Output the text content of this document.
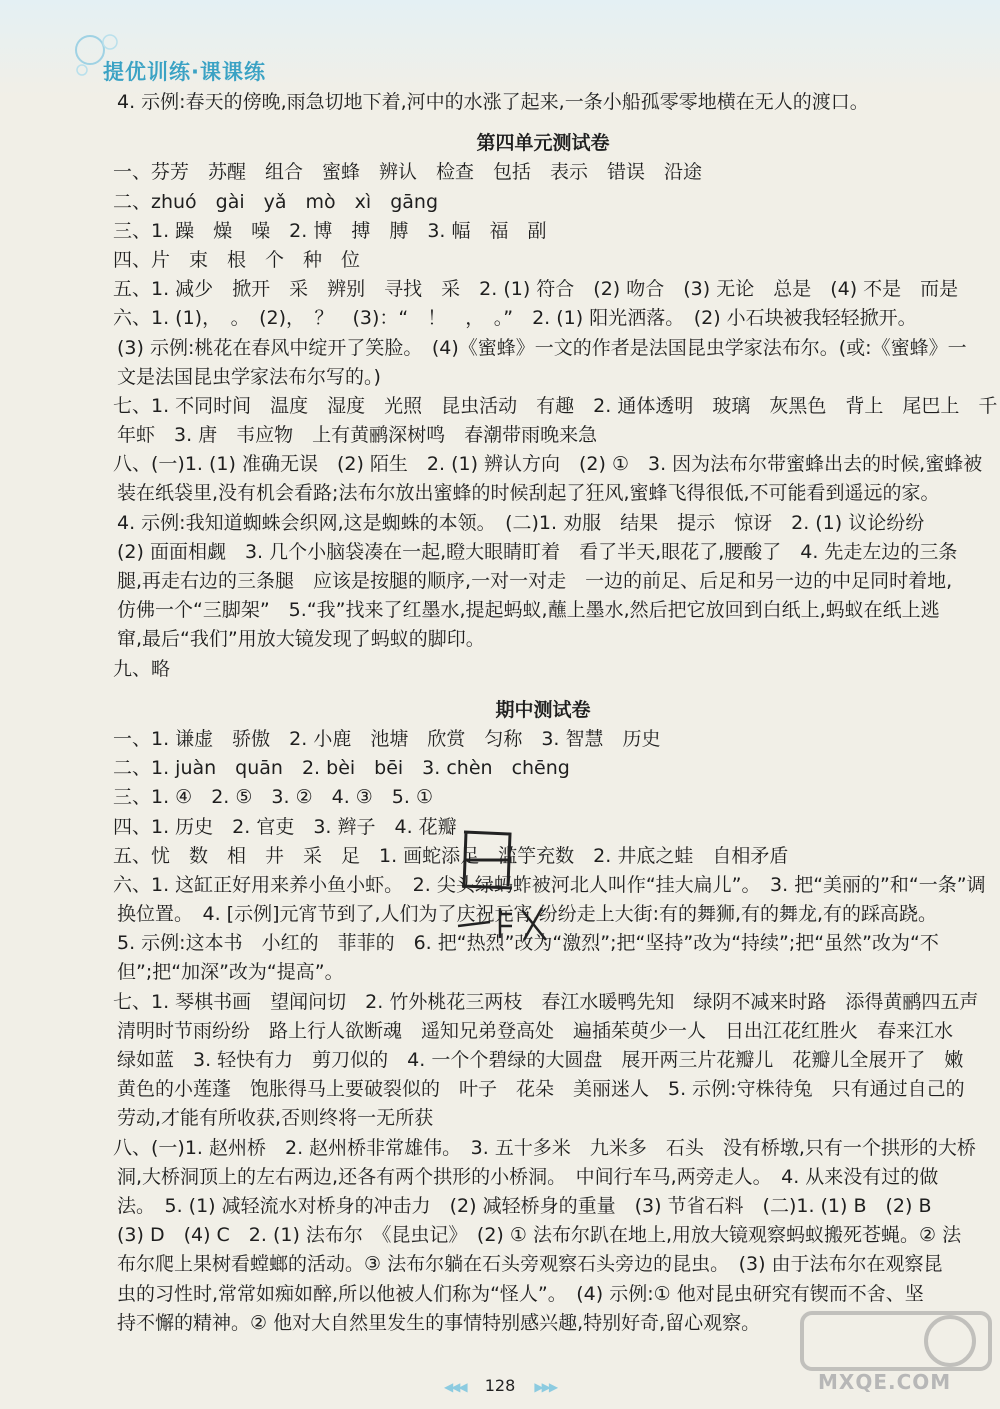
提优训练·课课练
4. 示例:春天的傍晚,雨急切地下着,河中的水涨了起来,一条小船孤零零地横在无人的渡口。
第四单元测试卷
一、芬芳　苏醒　组合　蜜蜂　辨认　检查　包括　表示　错误　沿途
二、zhuó　gài　yǎ　mò　xì　gāng
三、1. 躁　燥　噪　2. 博　搏　膊　3. 幅　福　副
四、片　束　根　个　种　位
五、1. 减少　掀开　采　辨别　寻找　采　2. (1) 符合　(2) 吻合　(3) 无论　总是　(4) 不是　而是
六、1. (1)，　。　(2)，　？　(3)：“　！　，　。”　2. (1) 阳光洒落。　(2) 小石块被我轻轻掀开。
(3) 示例:桃花在春风中绽开了笑脸。　(4)《蜜蜂》一文的作者是法国昆虫学家法布尔。(或:《蜜蜂》一
文是法国昆虫学家法布尔写的。)
七、1. 不同时间　温度　湿度　光照　昆虫活动　有趣　2. 通体透明　玻璃　灰黑色　背上　尾巴上　千
年虾　3. 唐　韦应物　上有黄鹂深树鸣　春潮带雨晚来急
八、(一)1. (1) 准确无误　(2) 陌生　2. (1) 辨认方向　(2) ①　3. 因为法布尔带蜜蜂出去的时候,蜜蜂被
装在纸袋里,没有机会看路;法布尔放出蜜蜂的时候刮起了狂风,蜜蜂飞得很低,不可能看到遥远的家。
4. 示例:我知道蜘蛛会织网,这是蜘蛛的本领。　(二)1. 劝服　结果　提示　惊讶　2. (1) 议论纷纷
(2) 面面相觑　3. 几个小脑袋凑在一起,瞪大眼睛盯着　看了半天,眼花了,腰酸了　4. 先走左边的三条
腿,再走右边的三条腿　应该是按腿的顺序,一对一对走　一边的前足、后足和另一边的中足同时着地,
仿佛一个“三脚架”　5.“我”找来了红墨水,提起蚂蚁,蘸上墨水,然后把它放回到白纸上,蚂蚁在纸上逃
窜,最后“我们”用放大镜发现了蚂蚁的脚印。
九、略
期中测试卷
一、1. 谦虚　骄傲　2. 小鹿　池塘　欣赏　匀称　3. 智慧　历史
二、1. juàn　quān　2. bèi　bēi　3. chèn　chēng
三、1. ④　2. ⑤　3. ②　4. ③　5. ①
四、1. 历史　2. 官吏　3. 辫子　4. 花瓣
五、忧　数　相　井　采　足　1. 画蛇添足　滥竽充数　2. 井底之蛙　自相矛盾
六、1. 这缸正好用来养小鱼小虾。　2. 尖头绿蚂蚱被河北人叫作“挂大扁儿”。　3. 把“美丽的”和“一条”调
换位置。　4. [示例]元宵节到了,人们为了庆祝元宵,纷纷走上大街:有的舞狮,有的舞龙,有的踩高跷。
5. 示例:这本书　小红的　菲菲的　6. 把“热烈”改为“激烈”;把“坚持”改为“持续”;把“虽然”改为“不
但”;把“加深”改为“提高”。
七、1. 琴棋书画　望闻问切　2. 竹外桃花三两枝　春江水暖鸭先知　绿阴不减来时路　添得黄鹂四五声
清明时节雨纷纷　路上行人欲断魂　遥知兄弟登高处　遍插茱萸少一人　日出江花红胜火　春来江水
绿如蓝　3. 轻快有力　剪刀似的　4. 一个个碧绿的大圆盘　展开两三片花瓣儿　花瓣儿全展开了　嫩
黄色的小莲蓬　饱胀得马上要破裂似的　叶子　花朵　美丽迷人　5. 示例:守株待兔　只有通过自己的
劳动,才能有所收获,否则终将一无所获
八、(一)1. 赵州桥　2. 赵州桥非常雄伟。　3. 五十多米　九米多　石头　没有桥墩,只有一个拱形的大桥
洞,大桥洞顶上的左右两边,还各有两个拱形的小桥洞。　中间行车马,两旁走人。　4. 从来没有过的做
法。　5. (1) 减轻流水对桥身的冲击力　(2) 减轻桥身的重量　(3) 节省石料　(二)1. (1) B　(2) B
(3) D　(4) C　2. (1) 法布尔　《昆虫记》　(2) ① 法布尔趴在地上,用放大镜观察蚂蚁搬死苍蝇。② 法
布尔爬上果树看螳螂的活动。③ 法布尔躺在石头旁观察石头旁边的昆虫。　(3) 由于法布尔在观察昆
虫的习性时,常常如痴如醉,所以他被人们称为“怪人”。　(4) 示例:① 他对昆虫研究有锲而不舍、坚
持不懈的精神。② 他对大自然里发生的事情特别感兴趣,特别好奇,留心观察。
MXQE.COM
◀◀◀ 128 ▶▶▶
